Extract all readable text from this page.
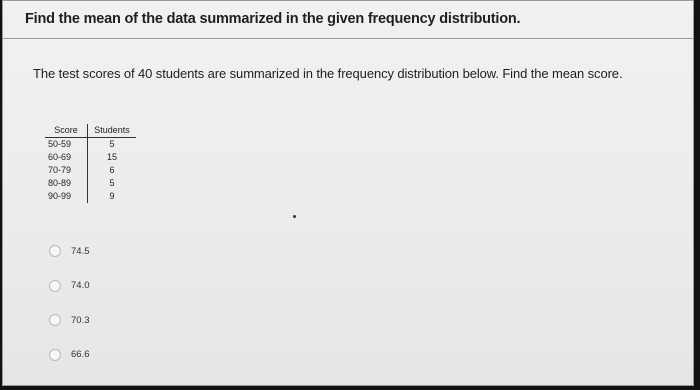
Find the mean of the data summarized in the given frequency distribution.
The test scores of 40 students are summarized in the frequency distribution below. Find the mean score.
Score	Students
50-59	5
60-69	15
70-79	6
80-89	5
90-99	9
74.5
74.0
70.3
66.6
